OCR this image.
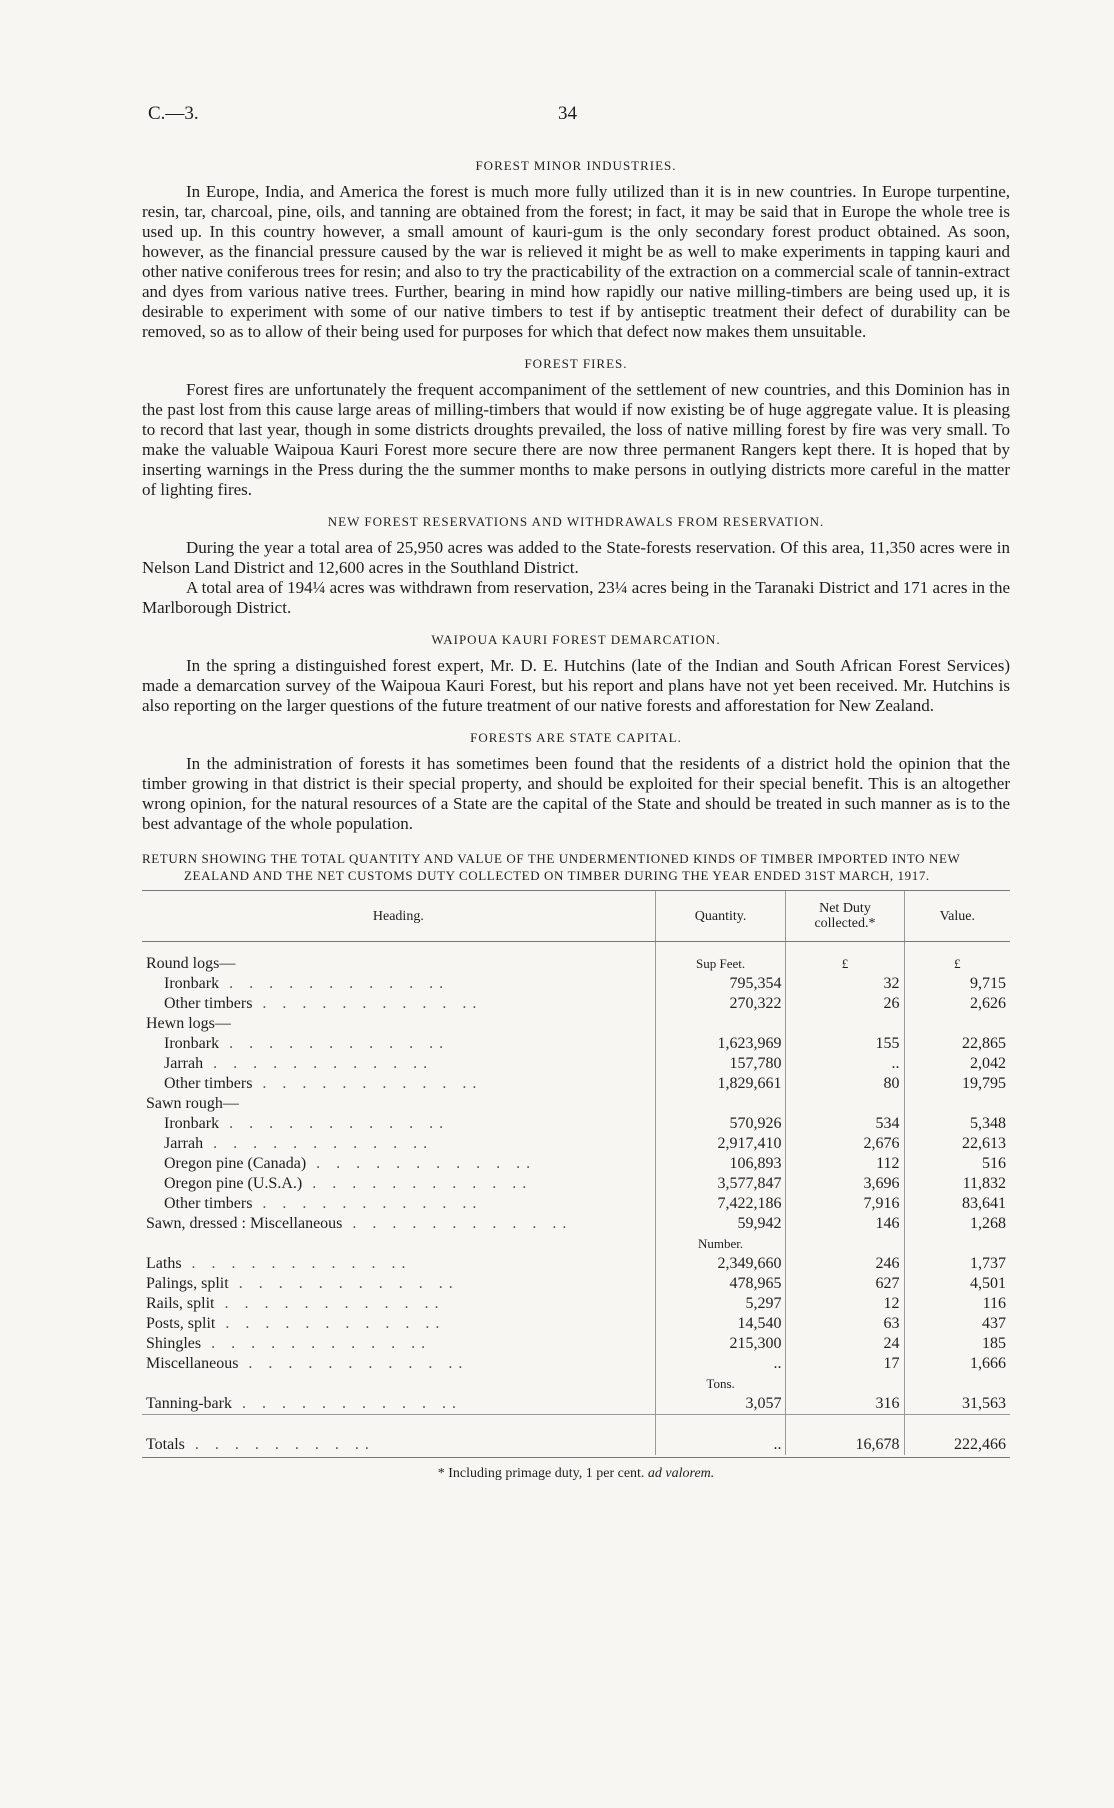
C.—3.	34
FOREST MINOR INDUSTRIES.

In Europe, India, and America the forest is much more fully utilized than it is in new countries. In Europe turpentine, resin, tar, charcoal, pine, oils, and tanning are obtained from the forest; in fact, it may be said that in Europe the whole tree is used up. In this country however, a small amount of kauri-gum is the only secondary forest product obtained. As soon, however, as the financial pressure caused by the war is relieved it might be as well to make experiments in tapping kauri and other native coniferous trees for resin; and also to try the practicability of the extraction on a commercial scale of tannin-extract and dyes from various native trees. Further, bearing in mind how rapidly our native milling-timbers are being used up, it is desirable to experiment with some of our native timbers to test if by antiseptic treatment their defect of durability can be removed, so as to allow of their being used for purposes for which that defect now makes them unsuitable.

FOREST FIRES.

Forest fires are unfortunately the frequent accompaniment of the settlement of new countries, and this Dominion has in the past lost from this cause large areas of milling-timbers that would if now existing be of huge aggregate value. It is pleasing to record that last year, though in some districts droughts prevailed, the loss of native milling forest by fire was very small. To make the valuable Waipoua Kauri Forest more secure there are now three permanent Rangers kept there. It is hoped that by inserting warnings in the Press during the the summer months to make persons in outlying districts more careful in the matter of lighting fires.

NEW FOREST RESERVATIONS AND WITHDRAWALS FROM RESERVATION.

During the year a total area of 25,950 acres was added to the State-forests reservation. Of this area, 11,350 acres were in Nelson Land District and 12,600 acres in the Southland District.

A total area of 194¼ acres was withdrawn from reservation, 23¼ acres being in the Taranaki District and 171 acres in the Marlborough District.

WAIPOUA KAURI FOREST DEMARCATION.

In the spring a distinguished forest expert, Mr. D. E. Hutchins (late of the Indian and South African Forest Services) made a demarcation survey of the Waipoua Kauri Forest, but his report and plans have not yet been received. Mr. Hutchins is also reporting on the larger questions of the future treatment of our native forests and afforestation for New Zealand.

FORESTS ARE STATE CAPITAL.

In the administration of forests it has sometimes been found that the residents of a district hold the opinion that the timber growing in that district is their special property, and should be exploited for their special benefit. This is an altogether wrong opinion, for the natural resources of a State are the capital of the State and should be treated in such manner as is to the best advantage of the whole population.

RETURN SHOWING THE TOTAL QUANTITY AND VALUE OF THE UNDERMENTIONED KINDS OF TIMBER IMPORTED INTO NEW ZEALAND AND THE NET CUSTOMS DUTY COLLECTED ON TIMBER DURING THE YEAR ENDED 31ST MARCH, 1917.
Heading.	Quantity.	Net Duty collected.*	Value.

Round logs—	Sup Feet.	£	£
Ironbark . . . . . . . . . . ..	795,354	32	9,715
Other timbers . . . . . . . . . . ..	270,322	26	2,626
Hewn logs—			
Ironbark . . . . . . . . . . ..	1,623,969	155	22,865
Jarrah . . . . . . . . . . ..	157,780	..	2,042
Other timbers . . . . . . . . . . ..	1,829,661	80	19,795
Sawn rough—			
Ironbark . . . . . . . . . . ..	570,926	534	5,348
Jarrah . . . . . . . . . . ..	2,917,410	2,676	22,613
Oregon pine (Canada) . . . . . . . . . . ..	106,893	112	516
Oregon pine (U.S.A.) . . . . . . . . . . ..	3,577,847	3,696	11,832
Other timbers . . . . . . . . . . ..	7,422,186	7,916	83,641
Sawn, dressed : Miscellaneous . . . . . . . . . . ..	59,942	146	1,268
	Number.		
Laths . . . . . . . . . . ..	2,349,660	246	1,737
Palings, split . . . . . . . . . . ..	478,965	627	4,501
Rails, split . . . . . . . . . . ..	5,297	12	116
Posts, split . . . . . . . . . . ..	14,540	63	437
Shingles . . . . . . . . . . ..	215,300	24	185
Miscellaneous . . . . . . . . . . ..	..	17	1,666
	Tons.		
Tanning-bark . . . . . . . . . . ..	3,057	316	31,563
Totals . . . . . . . . ..	..	16,678	222,466
* Including primage duty, 1 per cent. ad valorem.
